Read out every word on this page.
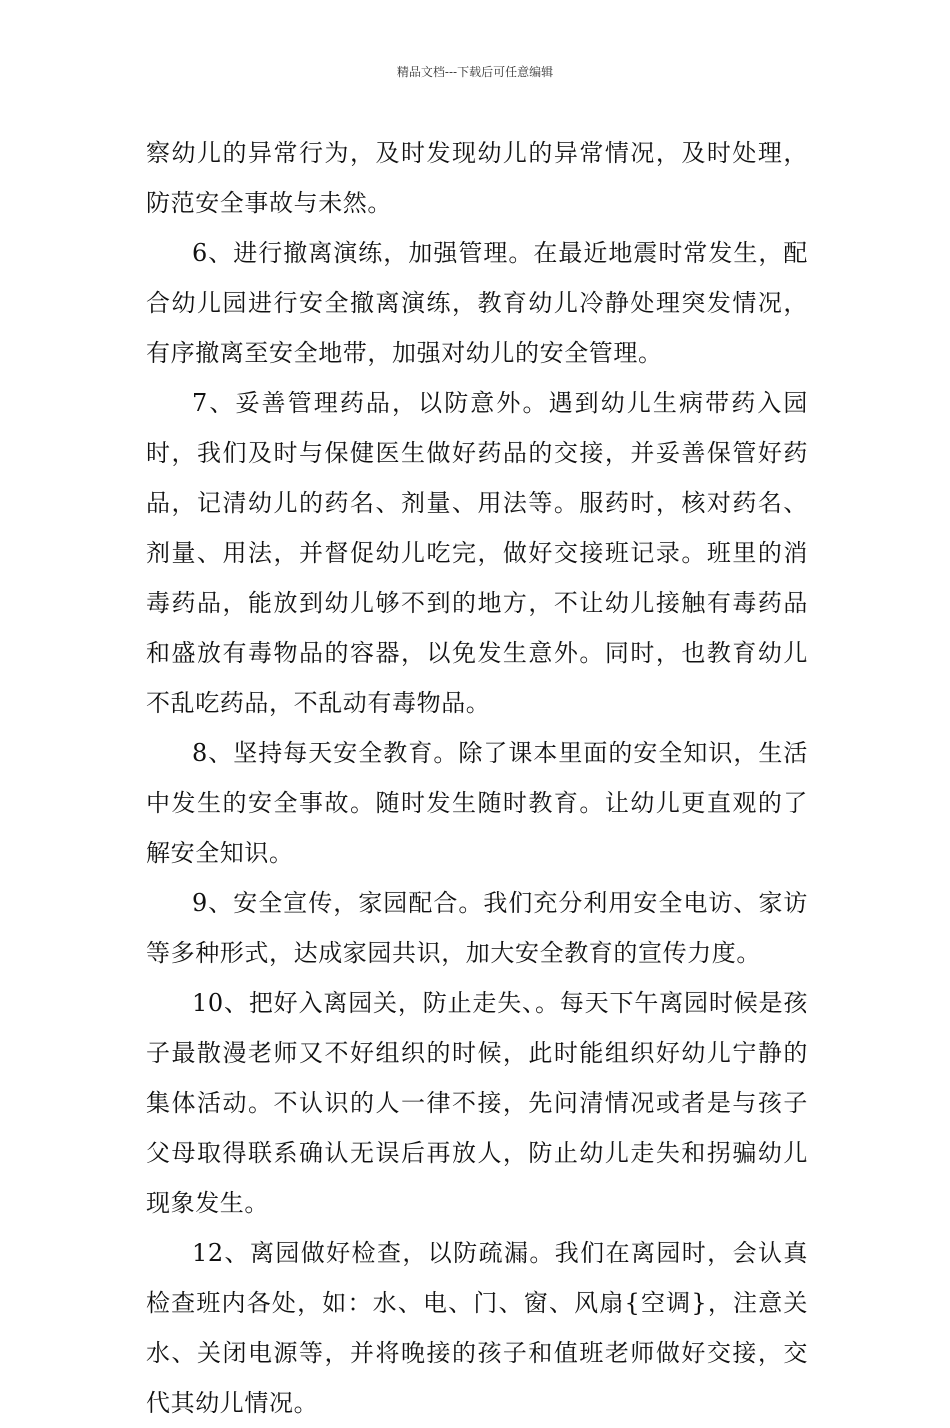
精品文档---下载后可任意编辑

察幼儿的异常行为，及时发现幼儿的异常情况，及时处理，防范安全事故与未然。

6、进行撤离演练，加强管理。在最近地震时常发生，配合幼儿园进行安全撤离演练，教育幼儿冷静处理突发情况，有序撤离至安全地带，加强对幼儿的安全管理。

7、妥善管理药品，以防意外。遇到幼儿生病带药入园时，我们及时与保健医生做好药品的交接，并妥善保管好药品，记清幼儿的药名、剂量、用法等。服药时，核对药名、剂量、用法，并督促幼儿吃完，做好交接班记录。班里的消毒药品，能放到幼儿够不到的地方，不让幼儿接触有毒药品和盛放有毒物品的容器，以免发生意外。同时，也教育幼儿不乱吃药品，不乱动有毒物品。

8、坚持每天安全教育。除了课本里面的安全知识，生活中发生的安全事故。随时发生随时教育。让幼儿更直观的了解安全知识。

9、安全宣传，家园配合。我们充分利用安全电访、家访等多种形式，达成家园共识，加大安全教育的宣传力度。

10、把好入离园关，防止走失、。每天下午离园时候是孩子最散漫老师又不好组织的时候，此时能组织好幼儿宁静的集体活动。不认识的人一律不接，先问清情况或者是与孩子父母取得联系确认无误后再放人，防止幼儿走失和拐骗幼儿现象发生。

12、离园做好检查，以防疏漏。我们在离园时，会认真检查班内各处，如：水、电、门、窗、风扇{空调}，注意关水、关闭电源等，并将晚接的孩子和值班老师做好交接，交代其幼儿情况。
